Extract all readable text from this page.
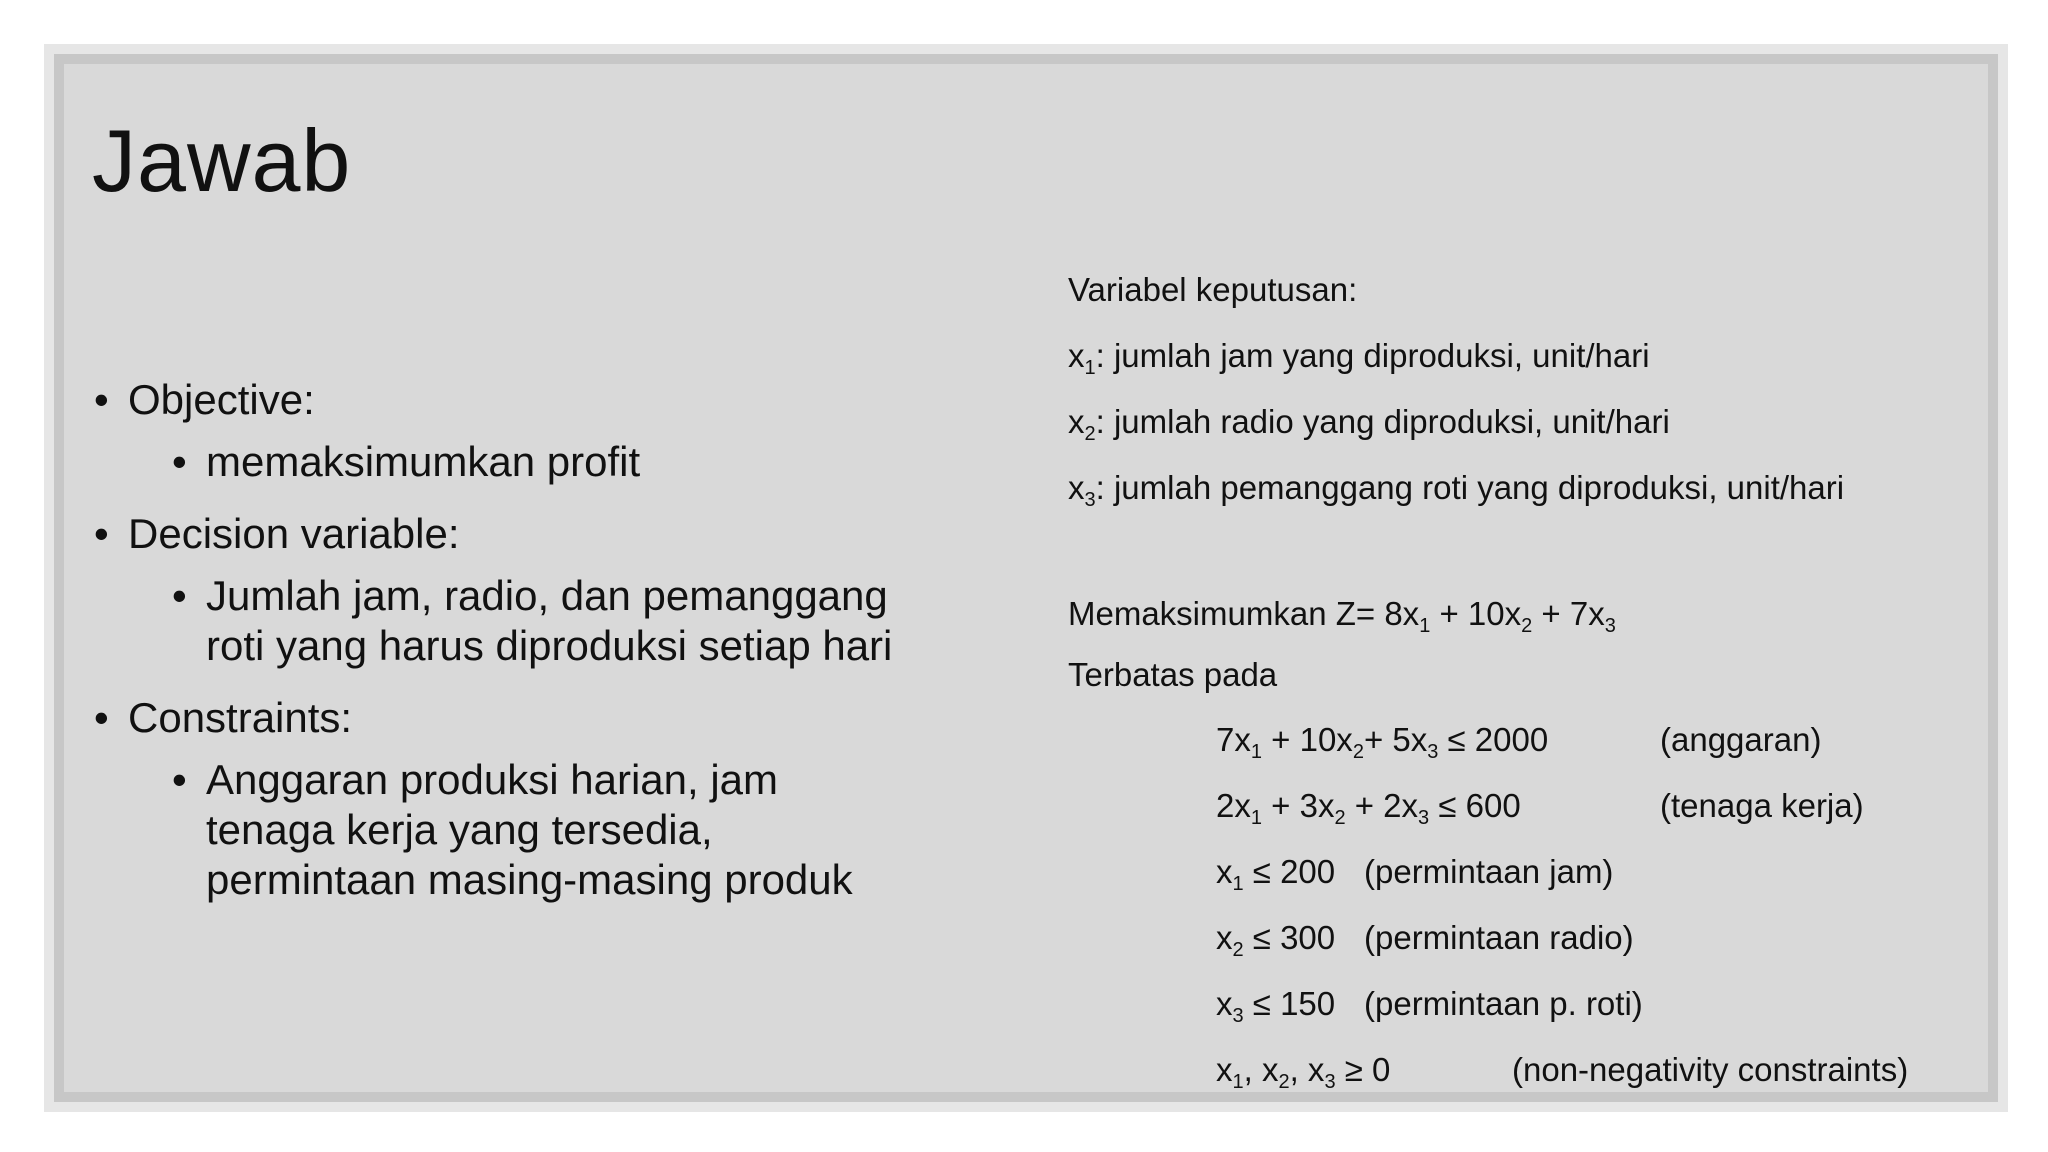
Jawab
• Objective:
• memaksimumkan profit
• Decision variable:
• Jumlah jam, radio, dan pemanggang
roti yang harus diproduksi setiap hari
• Constraints:
• Anggaran produksi harian, jam
tenaga kerja yang tersedia,
permintaan masing-masing produk
Variabel keputusan:
$x_1$: jumlah jam yang diproduksi, unit/hari
$x_2$: jumlah radio yang diproduksi, unit/hari
$x_3$: jumlah pemanggang roti yang diproduksi, unit/hari
Memaksimumkan $Z= 8x_1 + 10x_2 + 7x_3$
Terbatas pada
$7x_1 + 10x_2+ 5x_3 \le 2000$	(anggaran)
$2x_1 + 3x_2 + 2x_3 \le 600$	(tenaga kerja)
$x_1 \le 200$ (permintaan jam)
$x_2 \le 300$ (permintaan radio)
$x_3 \le 150$ (permintaan p. roti)
$x_1$, $x_2$, $x_3 \ge 0$	(non-negativity constraints)
